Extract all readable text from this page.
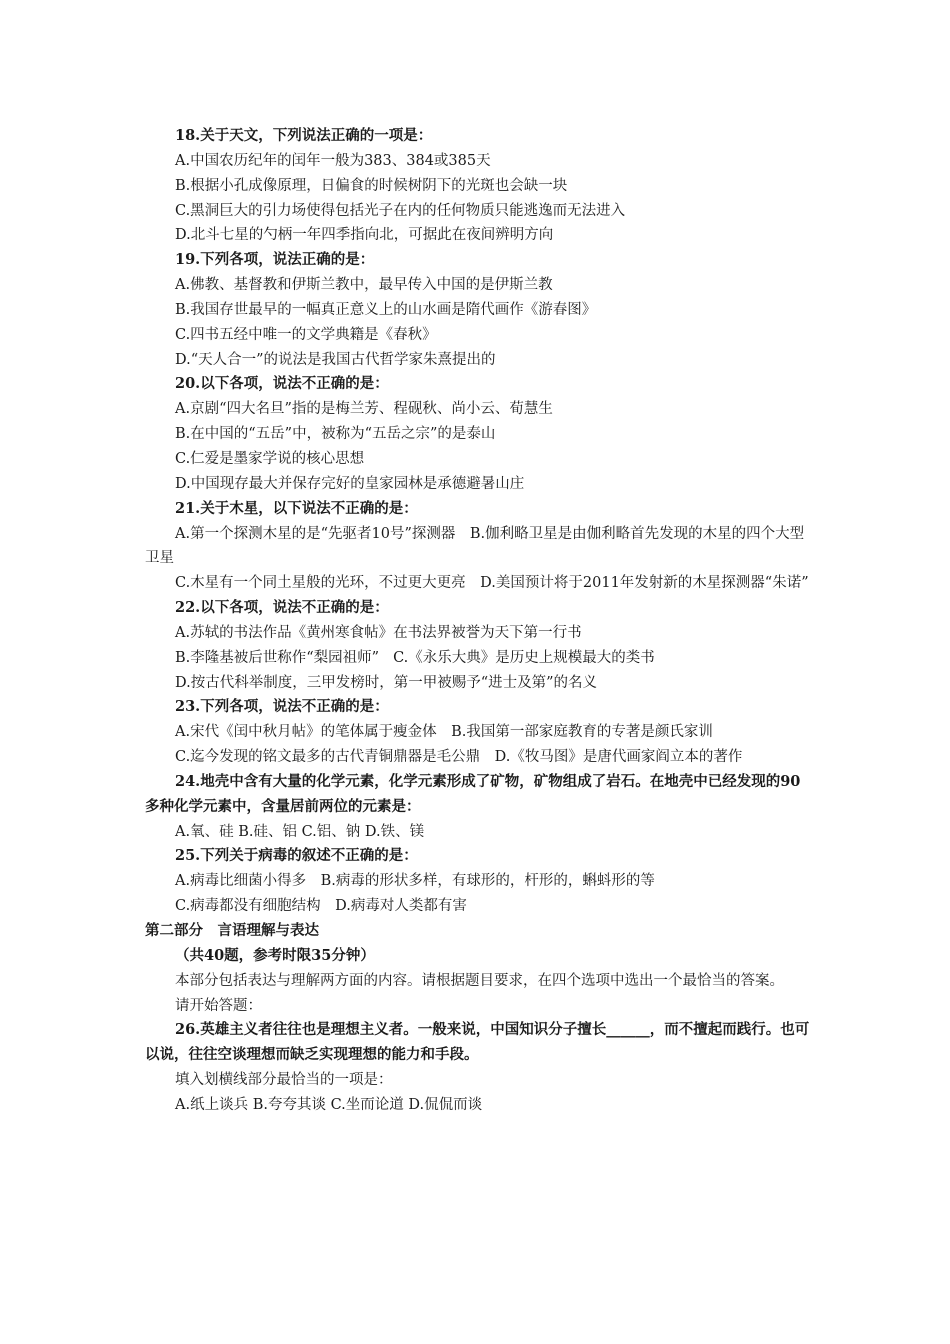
18.关于天文，下列说法正确的一项是：

A.中国农历纪年的闰年一般为383、384或385天

B.根据小孔成像原理，日偏食的时候树阴下的光斑也会缺一块

C.黑洞巨大的引力场使得包括光子在内的任何物质只能逃逸而无法进入

D.北斗七星的勺柄一年四季指向北，可据此在夜间辨明方向

19.下列各项，说法正确的是：

A.佛教、基督教和伊斯兰教中，最早传入中国的是伊斯兰教

B.我国存世最早的一幅真正意义上的山水画是隋代画作《游春图》

C.四书五经中唯一的文学典籍是《春秋》

D.“天人合一”的说法是我国古代哲学家朱熹提出的

20.以下各项，说法不正确的是：

A.京剧“四大名旦”指的是梅兰芳、程砚秋、尚小云、荀慧生

B.在中国的“五岳”中，被称为“五岳之宗”的是泰山

C.仁爱是墨家学说的核心思想

D.中国现存最大并保存完好的皇家园林是承德避暑山庄

21.关于木星，以下说法不正确的是：

A.第一个探测木星的是“先驱者10号”探测器　B.伽利略卫星是由伽利略首先发现的木星的四个大型卫星

C.木星有一个同土星般的光环，不过更大更亮　D.美国预计将于2011年发射新的木星探测器“朱诺”

22.以下各项，说法不正确的是：

A.苏轼的书法作品《黄州寒食帖》在书法界被誉为天下第一行书

B.李隆基被后世称作“梨园祖师” C.《永乐大典》是历史上规模最大的类书

D.按古代科举制度，三甲发榜时，第一甲被赐予“进士及第”的名义

23.下列各项，说法不正确的是：

A.宋代《闰中秋月帖》的笔体属于瘦金体　B.我国第一部家庭教育的专著是颜氏家训

C.迄今发现的铭文最多的古代青铜鼎器是毛公鼎　D.《牧马图》是唐代画家阎立本的著作

24.地壳中含有大量的化学元素，化学元素形成了矿物，矿物组成了岩石。在地壳中已经发现的90多种化学元素中，含量居前两位的元素是：

A.氧、硅 B.硅、铝 C.铝、钠 D.铁、镁

25.下列关于病毒的叙述不正确的是：

A.病毒比细菌小得多　B.病毒的形状多样，有球形的，杆形的，蝌蚪形的等

C.病毒都没有细胞结构　D.病毒对人类都有害

第二部分　言语理解与表达

（共40题，参考时限35分钟）

本部分包括表达与理解两方面的内容。请根据题目要求，在四个选项中选出一个最恰当的答案。

请开始答题：

26.英雄主义者往往也是理想主义者。一般来说，中国知识分子擅长______，而不擅起而践行。也可以说，往往空谈理想而缺乏实现理想的能力和手段。

填入划横线部分最恰当的一项是：

A.纸上谈兵 B.夸夸其谈 C.坐而论道 D.侃侃而谈
